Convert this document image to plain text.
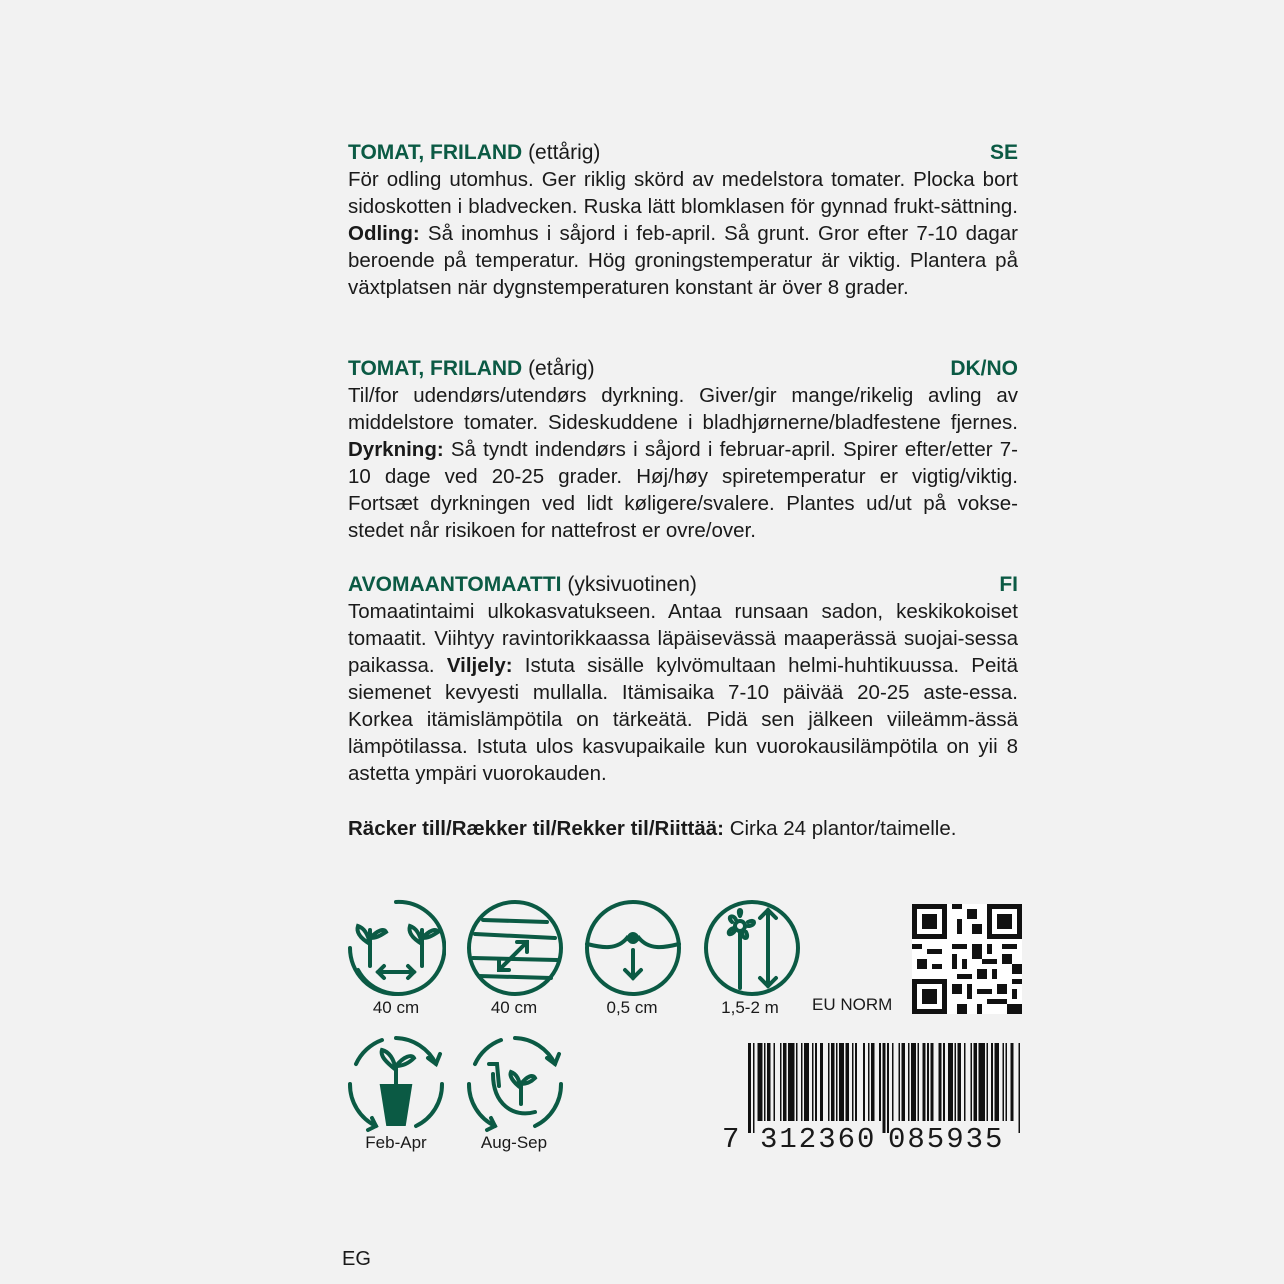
TOMAT, FRILAND (ettårig)	SE
För odling utomhus. Ger riklig skörd av medelstora tomater. Plocka bort sidoskotten i bladvecken. Ruska lätt blomklasen för gynnad frukt-sättning. Odling: Så inomhus i såjord i feb-april. Så grunt. Gror efter 7-10 dagar beroende på temperatur. Hög groningstemperatur är viktig. Plantera på växtplatsen när dygnstemperaturen konstant är över 8 grader.
TOMAT, FRILAND (etårig)	DK/NO
Til/for udendørs/utendørs dyrkning. Giver/gir mange/rikelig avling av middelstore tomater. Sideskuddene i bladhjørnerne/bladfestene fjernes. Dyrkning: Så tyndt indendørs i såjord i februar-april. Spirer efter/etter 7-10 dage ved 20-25 grader. Høj/høy spiretemperatur er vigtig/viktig. Fortsæt dyrkningen ved lidt køligere/svalere. Plantes ud/ut på vokse-stedet når risikoen for nattefrost er ovre/over.
AVOMAANTOMAATTI (yksivuotinen)	FI
Tomaatintaimi ulkokasvatukseen. Antaa runsaan sadon, keskikokoiset tomaatit. Viihtyy ravintorikkaassa läpäisevässä maaperässä suojai-sessa paikassa. Viljely: Istuta sisälle kylvömultaan helmi-huhtikuussa. Peitä siemenet kevyesti mullalla. Itämisaika 7-10 päivää 20-25 aste-essa. Korkea itämislämpötila on tärkeätä. Pidä sen jälkeen viileämm-ässä lämpötilassa. Istuta ulos kasvupaikaile kun vuorokausilämpötila on yii 8 astetta ympäri vuorokauden.
Räcker till/Rækker til/Rekker til/Riittää: Cirka 24 plantor/taimelle.
40 cm	40 cm	0,5 cm	1,5-2 m	EU NORM
Feb-Apr	Aug-Sep	7 312360 085935
EG
